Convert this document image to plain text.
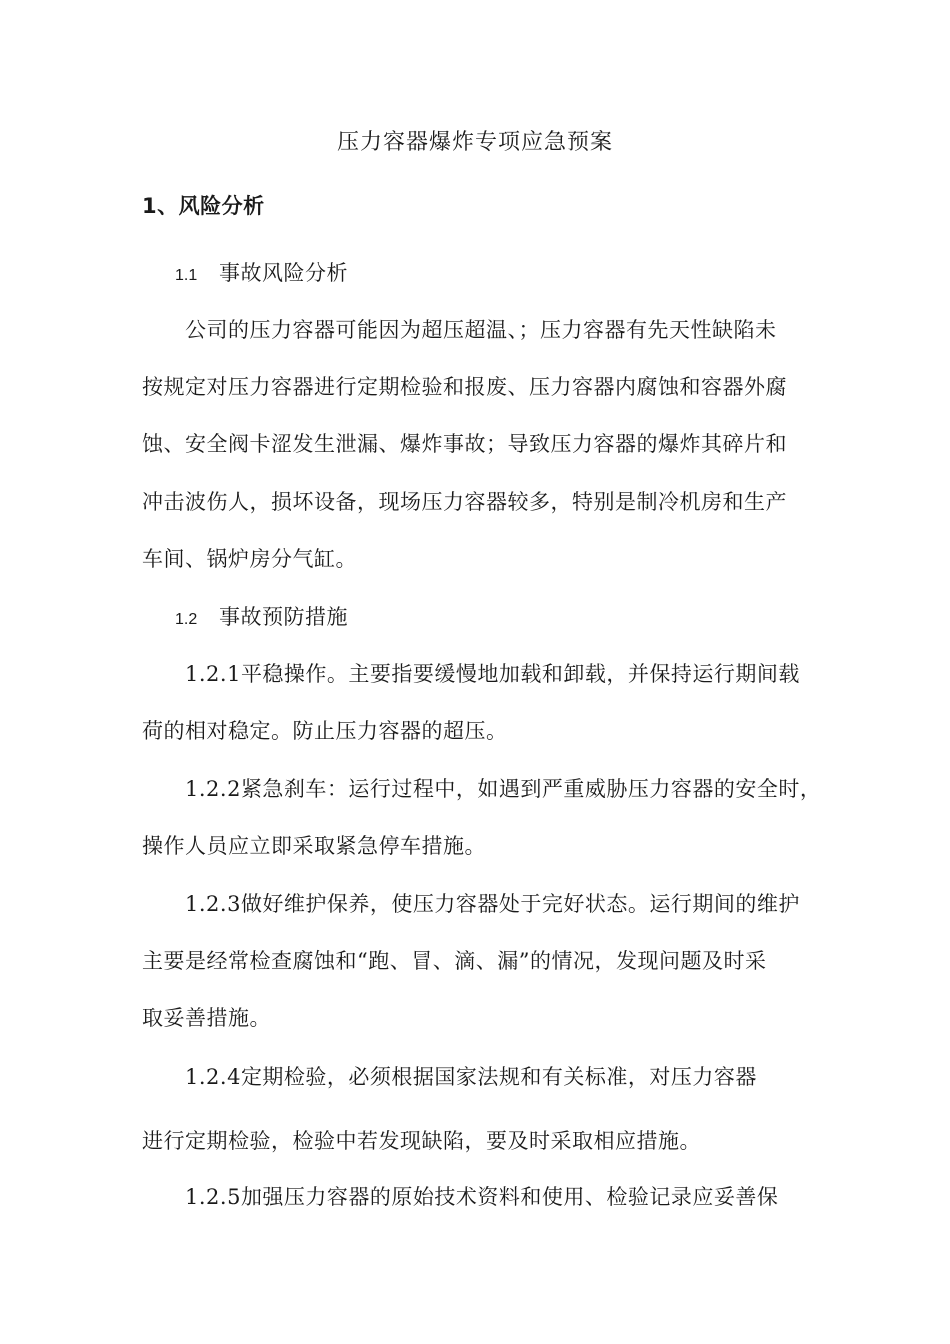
压力容器爆炸专项应急预案
1、风险分析
1.1 事故风险分析
公司的压力容器可能因为超压超温、；压力容器有先天性缺陷未
按规定对压力容器进行定期检验和报废、压力容器内腐蚀和容器外腐
蚀、安全阀卡涩发生泄漏、爆炸事故；导致压力容器的爆炸其碎片和
冲击波伤人，损坏设备，现场压力容器较多，特别是制冷机房和生产
车间、锅炉房分气缸。
1.2 事故预防措施
1.2.1平稳操作。主要指要缓慢地加载和卸载，并保持运行期间载
荷的相对稳定。防止压力容器的超压。
1.2.2紧急刹车：运行过程中，如遇到严重威胁压力容器的安全时，
操作人员应立即采取紧急停车措施。
1.2.3做好维护保养，使压力容器处于完好状态。运行期间的维护
主要是经常检查腐蚀和“跑、冒、滴、漏”的情况，发现问题及时采
取妥善措施。
1.2.4定期检验，必须根据国家法规和有关标准，对压力容器
进行定期检验，检验中若发现缺陷，要及时采取相应措施。
1.2.5加强压力容器的原始技术资料和使用、检验记录应妥善保
